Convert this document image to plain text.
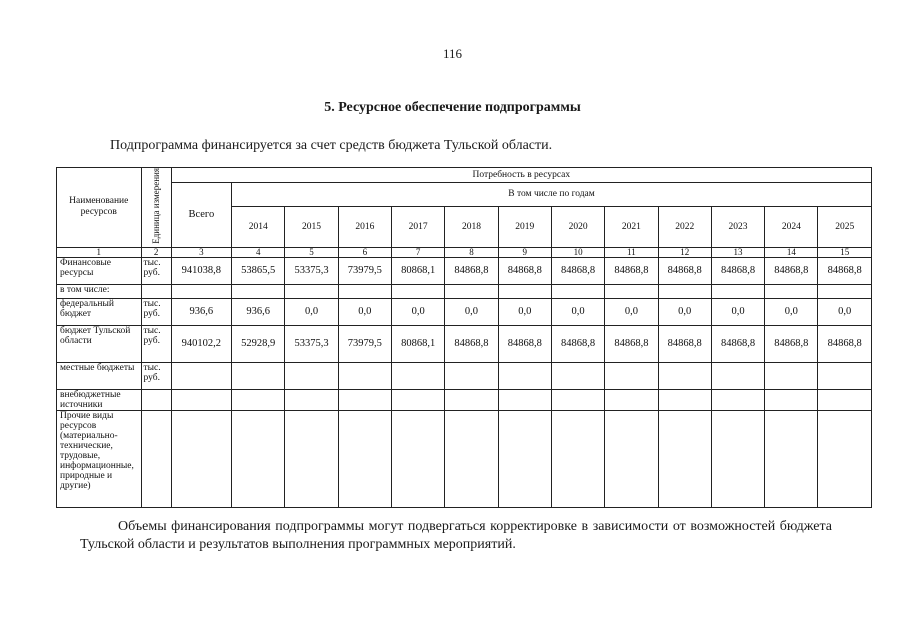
116
5. Ресурсное обеспечение подпрограммы
Подпрограмма финансируется за счет средств бюджета Тульской области.
Наименование ресурсов	Единица измерения	Потребность в ресурсах												
		Всего	В том числе по годам											
			2014	2015	2016	2017	2018	2019	2020	2021	2022	2023	2024	2025
1	2	3	4	5	6	7	8	9	10	11	12	13	14	15
Финансовые ресурсы	тыс. руб.	941038,8	53865,5	53375,3	73979,5	80868,1	84868,8	84868,8	84868,8	84868,8	84868,8	84868,8	84868,8	84868,8
в том числе:														
федеральный бюджет	тыс. руб.	936,6	936,6	0,0	0,0	0,0	0,0	0,0	0,0	0,0	0,0	0,0	0,0	0,0
бюджет Тульской области	тыс. руб.	940102,2	52928,9	53375,3	73979,5	80868,1	84868,8	84868,8	84868,8	84868,8	84868,8	84868,8	84868,8	84868,8
местные бюджеты	тыс. руб.													
внебюджетные источники														
Прочие виды ресурсов (материально-технические, трудовые, информационные, природные и другие)														
Объемы финансирования подпрограммы могут подвергаться корректировке в зависимости от возможностей бюджета Тульской области и результатов выполнения программных мероприятий.
